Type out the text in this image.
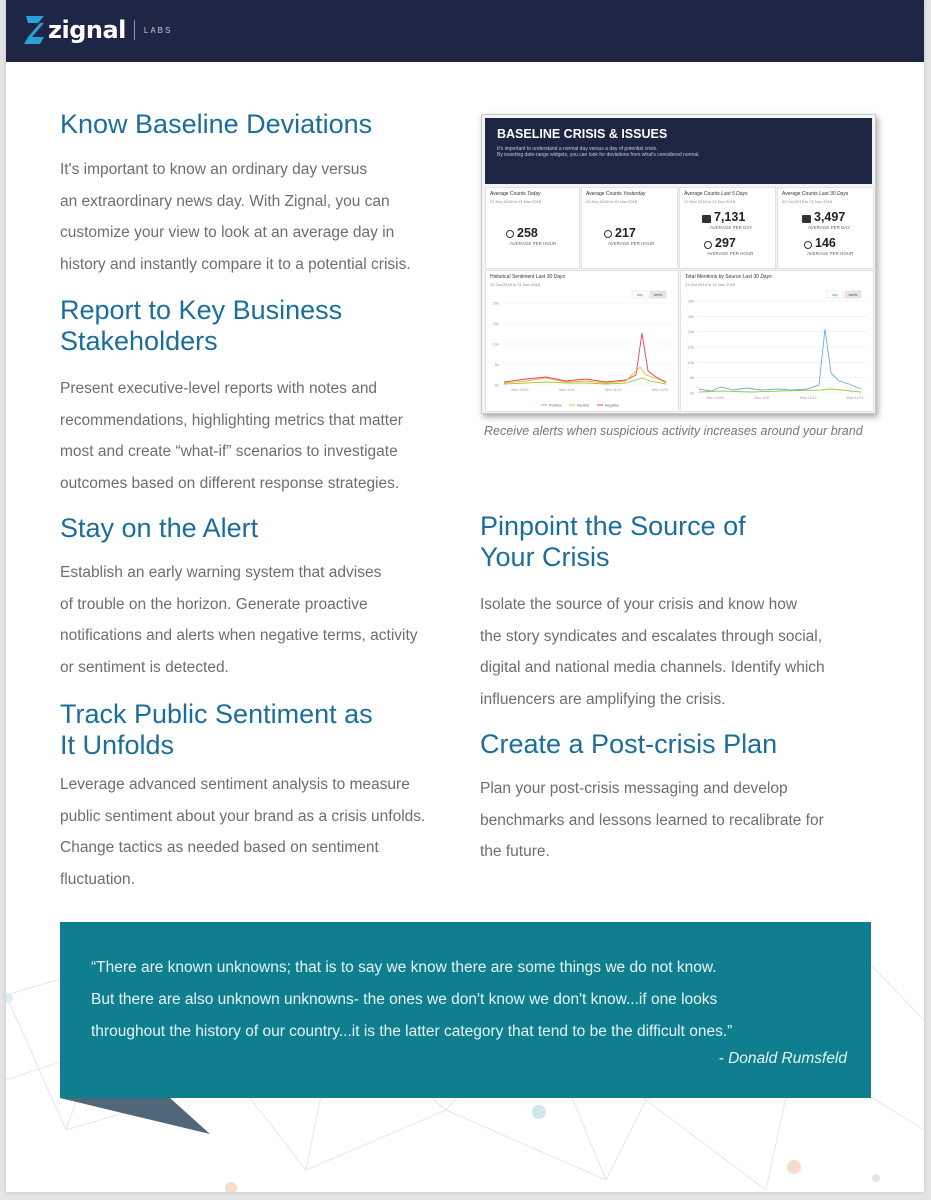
zignal LABS
Know Baseline Deviations

It's important to know an ordinary day versus
an extraordinary news day. With Zignal, you can
customize your view to look at an average day in
history and instantly compare it to a potential crisis.

Report to Key Business
Stakeholders

Present executive-level reports with notes and
recommendations, highlighting metrics that matter
most and create “what-if” scenarios to investigate
outcomes based on different response strategies.

Stay on the Alert

Establish an early warning system that advises
of trouble on the horizon. Generate proactive
notifications and alerts when negative terms, activity
or sentiment is detected.

Track Public Sentiment as
It Unfolds

Leverage advanced sentiment analysis to measure
public sentiment about your brand as a crisis unfolds.
Change tactics as needed based on sentiment
fluctuation.

BASELINE CRISIS & ISSUES
It's important to understand a normal day versus a day of potential crisis.
By inserting date-range widgets, you can look for deviations from what's considered normal.
Average Counts Today
21 Nov 2018 to 21 Nov 2018
258
AVERAGE PER HOUR
Average Counts Yesterday
20 Nov 2018 to 20 Nov 2018
217
AVERAGE PER HOUR
Average Counts Last 5 Days
17 Nov 2018 to 21 Nov 2018
7,131
AVERAGE PER DAY
297
AVERAGE PER HOUR
Average Counts Last 30 Days
23 Oct 2018 to 21 Nov 2018
3,497
AVERAGE PER DAY
146
AVERAGE PER HOUR
Historical Sentiment Last 30 Days
23 Oct 2018 to 21 Nov 2018
20k
15k
10k
5k
0k
Mon 10/29	Mon 11/5	Mon 11/12	Mon 11/19
day	week
Positive	Neutral	Negative
Total Mentions by Source Last 30 Days
23 Oct 2018 to 21 Nov 2018
30k
25k
20k
15k
10k
5k
0k
Mon 10/29	Mon 11/5	Mon 11/12	Mon 11/19
day	week
Receive alerts when suspicious activity increases around your brand
Pinpoint the Source of
Your Crisis

Isolate the source of your crisis and know how
the story syndicates and escalates through social,
digital and national media channels. Identify which
influencers are amplifying the crisis.

Create a Post-crisis Plan

Plan your post-crisis messaging and develop
benchmarks and lessons learned to recalibrate for
the future.

“There are known unknowns; that is to say we know there are some things we do not know.
But there are also unknown unknowns- the ones we don't know we don't know...if one looks
throughout the history of our country...it is the latter category that tend to be the difficult ones.”

- Donald Rumsfeld
